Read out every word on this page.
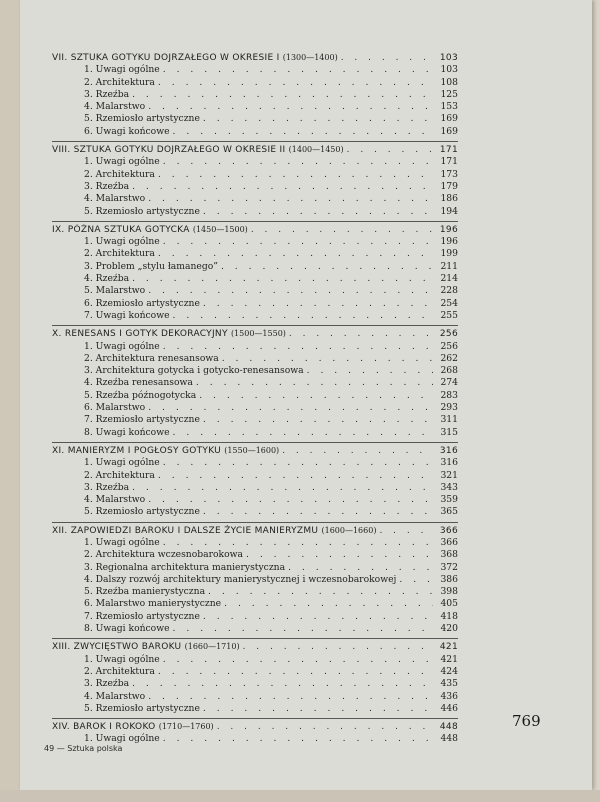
VII. SZTUKA GOTYKU DOJRZAŁEGO W OKRESIE I (1300—1400) . . .	103
1. Uwagi ogólne . . .	103
2. Architektura . . .	108
3. Rzeźba . . .	125
4. Malarstwo . . .	153
5. Rzemiosło artystyczne . . .	169
6. Uwagi końcowe . . .	169
VIII. SZTUKA GOTYKU DOJRZAŁEGO W OKRESIE II (1400—1450) . . .	171
1. Uwagi ogólne . . .	171
2. Architektura . . .	173
3. Rzeźba . . .	179
4. Malarstwo . . .	186
5. Rzemiosło artystyczne . . .	194
IX. PÓŹNA SZTUKA GOTYCKA (1450—1500) . . .	196
1. Uwagi ogólne . . .	196
2. Architektura . . .	199
3. Problem „stylu łamanego” . . .	211
4. Rzeźba . . .	214
5. Malarstwo . . .	228
6. Rzemiosło artystyczne . . .	254
7. Uwagi końcowe . . .	255
X. RENESANS I GOTYK DEKORACYJNY (1500—1550) . . .	256
1. Uwagi ogólne . . .	256
2. Architektura renesansowa . . .	262
3. Architektura gotycka i gotycko-renesansowa . . .	268
4. Rzeźba renesansowa . . .	274
5. Rzeźba późnogotycka . . .	283
6. Malarstwo . . .	293
7. Rzemiosło artystyczne . . .	311
8. Uwagi końcowe . . .	315
XI. MANIERYZM I POGŁOSY GOTYKU (1550—1600) . . .	316
1. Uwagi ogólne . . .	316
2. Architektura . . .	321
3. Rzeźba . . .	343
4. Malarstwo . . .	359
5. Rzemiosło artystyczne . . .	365
XII. ZAPOWIEDZI BAROKU I DALSZE ŻYCIE MANIERYZMU (1600—1660) . . .	366
1. Uwagi ogólne . . .	366
2. Architektura wczesnobarokowa . . .	368
3. Regionalna architektura manierystyczna . . .	372
4. Dalszy rozwój architektury manierystycznej i wczesnobarokowej . . .	386
5. Rzeźba manierystyczna . . .	398
6. Malarstwo manierystyczne . . .	405
7. Rzemiosło artystyczne . . .	418
8. Uwagi końcowe . . .	420
XIII. ZWYCIĘSTWO BAROKU (1660—1710) . . .	421
1. Uwagi ogólne . . .	421
2. Architektura . . .	424
3. Rzeźba . . .	435
4. Malarstwo . . .	436
5. Rzemiosło artystyczne . . .	446
XIV. BAROK I ROKOKO (1710—1760) . . .	448
1. Uwagi ogólne . . .	448
769
49 — Sztuka polska
